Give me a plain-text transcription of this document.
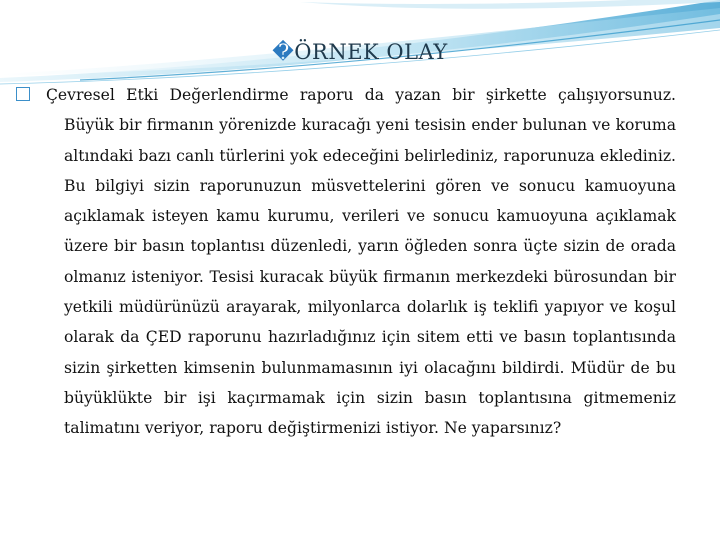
�ÖRNEK OLAY

Çevresel Etki Değerlendirme raporu da yazan bir şirkette çalışıyorsunuz. Büyük bir firmanın yörenizde kuracağı yeni tesisin ender bulunan ve koruma altındaki bazı canlı türlerini yok edeceğini belirlediniz, raporunuza eklediniz. Bu bilgiyi sizin raporunuzun müsvettelerini gören ve sonucu kamuoyuna açıklamak isteyen kamu kurumu, verileri ve sonucu kamuoyuna açıklamak üzere bir basın toplantısı düzenledi, yarın öğleden sonra üçte sizin de orada olmanız isteniyor. Tesisi kuracak büyük firmanın merkezdeki bürosundan bir yetkili müdürünüzü arayarak, milyonlarca dolarlık iş teklifi yapıyor ve koşul olarak da ÇED raporunu hazırladığınız için sitem etti ve basın toplantısında sizin şirketten kimsenin bulunmamasının iyi olacağını bildirdi. Müdür de bu büyüklükte bir işi kaçırmamak için sizin basın toplantısına gitmemeniz talimatını veriyor, raporu değiştirmenizi istiyor. Ne yaparsınız?
